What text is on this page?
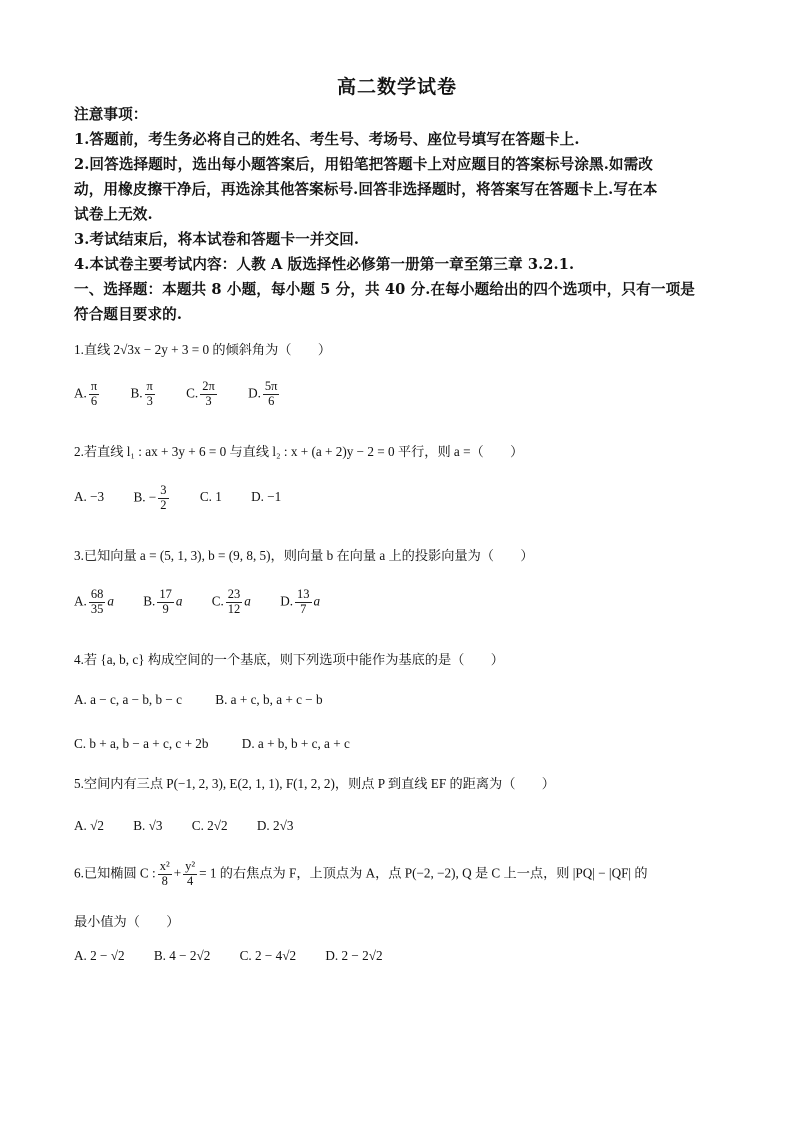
高二数学试卷
注意事项：
1.答题前，考生务必将自己的姓名、考生号、考场号、座位号填写在答题卡上.
2.回答选择题时，选出每小题答案后，用铅笔把答题卡上对应题目的答案标号涂黑.如需改
动，用橡皮擦干净后，再选涂其他答案标号.回答非选择题时，将答案写在答题卡上.写在本
试卷上无效.
3.考试结束后，将本试卷和答题卡一并交回.
4.本试卷主要考试内容：人教 A 版选择性必修第一册第一章至第三章 3.2.1.
一、选择题：本题共 8 小题，每小题 5 分，共 40 分.在每小题给出的四个选项中，只有一项是
符合题目要求的.
1.直线 2√3x − 2y + 3 = 0 的倾斜角为（　　）
A. $\frac{\pi}{6} B$. $\frac{\pi}{3} C$. $\frac{2\pi}{3} D$. $\frac{5\pi}{6}$
2.若直线 l₁ : ax + 3y + 6 = 0 与直线 l₂ : x + (a + 2)y − 2 = 0 平行，则 a =（　　）
A. −3 B. − $\frac{3}{2} C$. 1 D. −1
3.已知向量 a = (5, 1, 3), b = (9, 8, 5)，则向量 b 在向量 a 上的投影向量为（　　）
A. $\frac{68}{35}$ a B. $\frac{17}{9}$ a C. $\frac{23}{12}$ a D. $\frac{13}{7}$ a
4.若 {a, b, c} 构成空间的一个基底，则下列选项中能作为基底的是（　　）
A. a − c, a − b, b − c	B. a + c, b, a + c − b
C. b + a, b − a + c, c + 2b	D. a + b, b + c, a + c
5.空间内有三点 P(−1, 2, 3), E(2, 1, 1), F(1, 2, 2)，则点 P 到直线 EF 的距离为（　　）
A. √2 B. √3 C. 2√2 D. 2√3
6.已知椭圆 C : $\frac{\text{x²}}{8} + \frac{\text{y²}}{4} = 1$ 的右焦点为 F，上顶点为 A，点 P(−2, −2), Q 是 C 上一点，则 |PQ| − |QF| 的
最小值为（　　）
A. 2 − √2 B. 4 − 2√2 C. 2 − 4√2 D. 2 − 2√2
